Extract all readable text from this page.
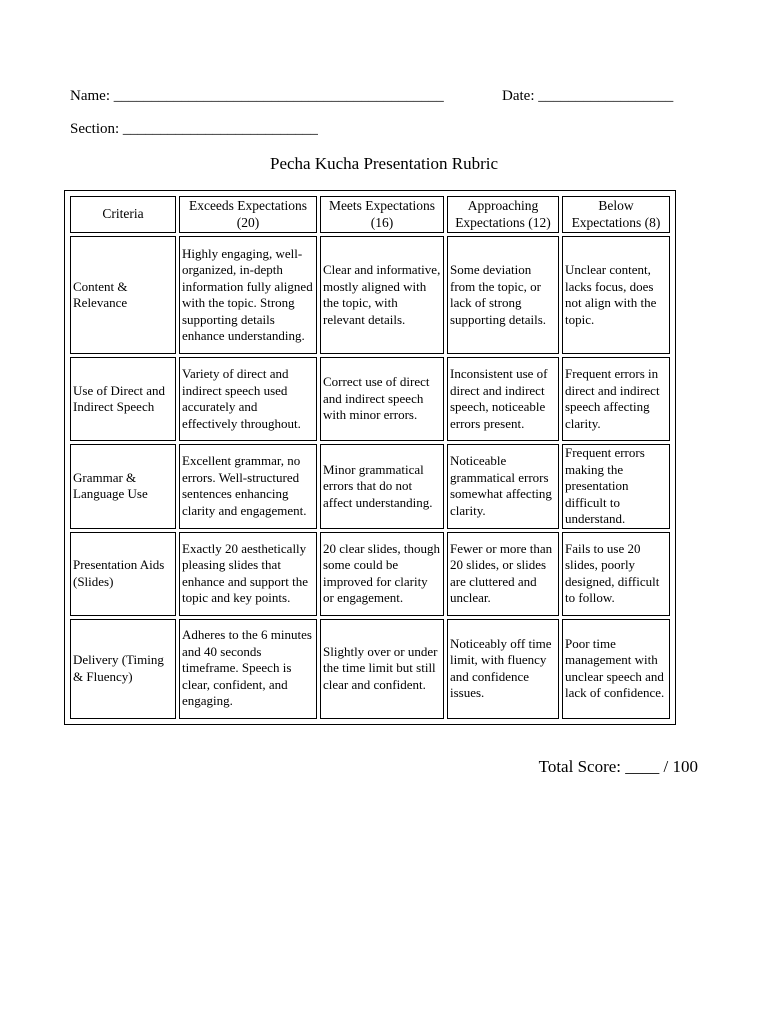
Name: ____________________________________________	Date: __________________
Section: __________________________
Pecha Kucha Presentation Rubric
Criteria	Exceeds Expectations (20)	Meets Expectations (16)	Approaching Expectations (12)	Below Expectations (8)
Content & Relevance	Highly engaging, well-organized, in-depth information fully aligned with the topic. Strong supporting details enhance understanding.	Clear and informative, mostly aligned with the topic, with relevant details.	Some deviation from the topic, or lack of strong supporting details.	Unclear content, lacks focus, does not align with the topic.
Use of Direct and Indirect Speech	Variety of direct and indirect speech used accurately and effectively throughout.	Correct use of direct and indirect speech with minor errors.	Inconsistent use of direct and indirect speech, noticeable errors present.	Frequent errors in direct and indirect speech affecting clarity.
Grammar & Language Use	Excellent grammar, no errors. Well-structured sentences enhancing clarity and engagement.	Minor grammatical errors that do not affect understanding.	Noticeable grammatical errors somewhat affecting clarity.	Frequent errors making the presentation difficult to understand.
Presentation Aids (Slides)	Exactly 20 aesthetically pleasing slides that enhance and support the topic and key points.	20 clear slides, though some could be improved for clarity or engagement.	Fewer or more than 20 slides, or slides are cluttered and unclear.	Fails to use 20 slides, poorly designed, difficult to follow.
Delivery (Timing & Fluency)	Adheres to the 6 minutes and 40 seconds timeframe. Speech is clear, confident, and engaging.	Slightly over or under the time limit but still clear and confident.	Noticeably off time limit, with fluency and confidence issues.	Poor time management with unclear speech and lack of confidence.
Total Score: ____ / 100
